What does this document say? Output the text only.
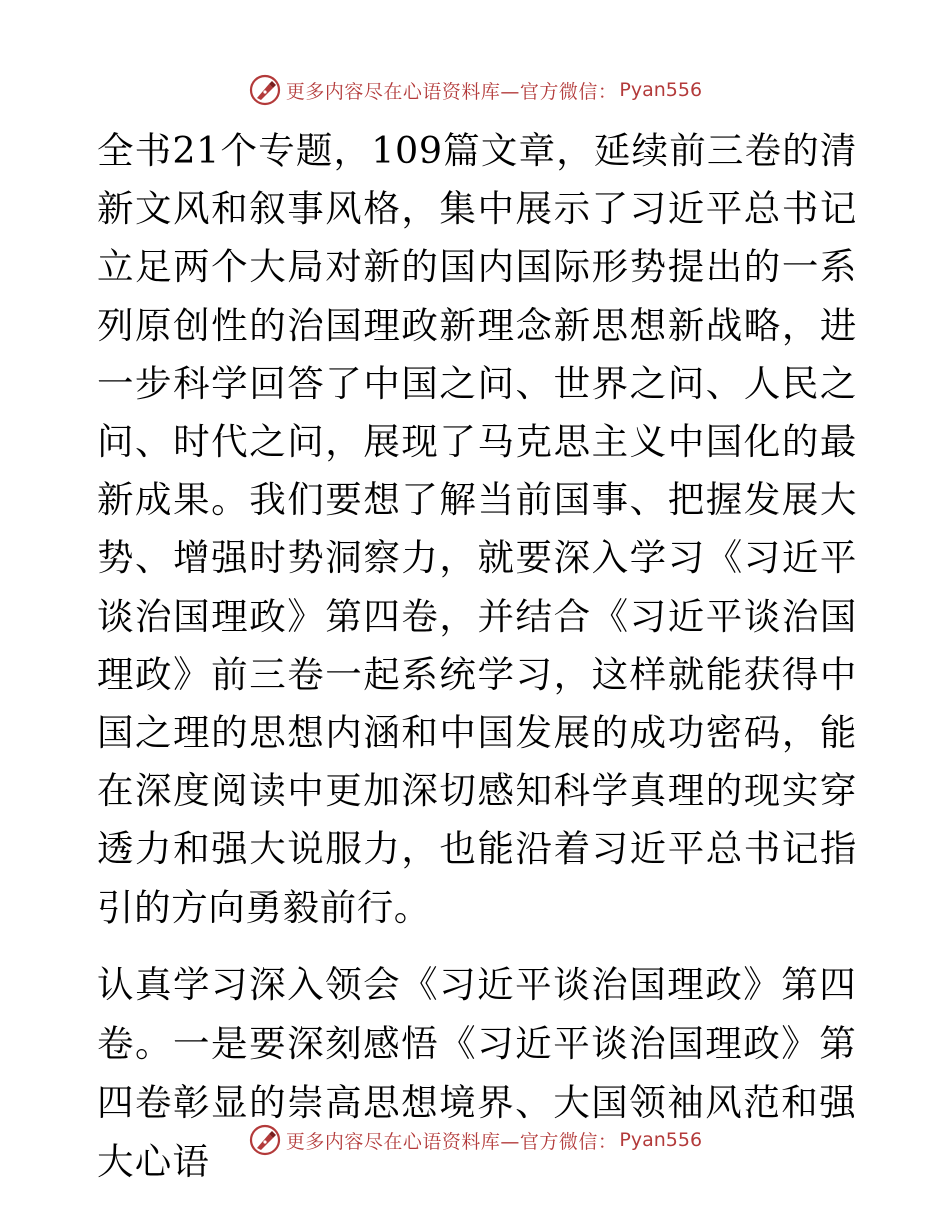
更多内容尽在心语资料库—官方微信： Pyan556

全书21个专题，109篇文章，延续前三卷的清新文风和叙事风格，集中展示了习近平总书记立足两个大局对新的国内国际形势提出的一系列原创性的治国理政新理念新思想新战略，进一步科学回答了中国之问、世界之问、人民之问、时代之问，展现了马克思主义中国化的最新成果。我们要想了解当前国事、把握发展大势、增强时势洞察力，就要深入学习《习近平谈治国理政》第四卷，并结合《习近平谈治国理政》前三卷一起系统学习，这样就能获得中国之理的思想内涵和中国发展的成功密码，能在深度阅读中更加深切感知科学真理的现实穿透力和强大说服力，也能沿着习近平总书记指引的方向勇毅前行。

认真学习深入领会《习近平谈治国理政》第四卷。一是要深刻感悟《习近平谈治国理政》第四卷彰显的崇高思想境界、大国领袖风范和强大心语	更多内容尽在心语资料库—官方微信： Pyan556
